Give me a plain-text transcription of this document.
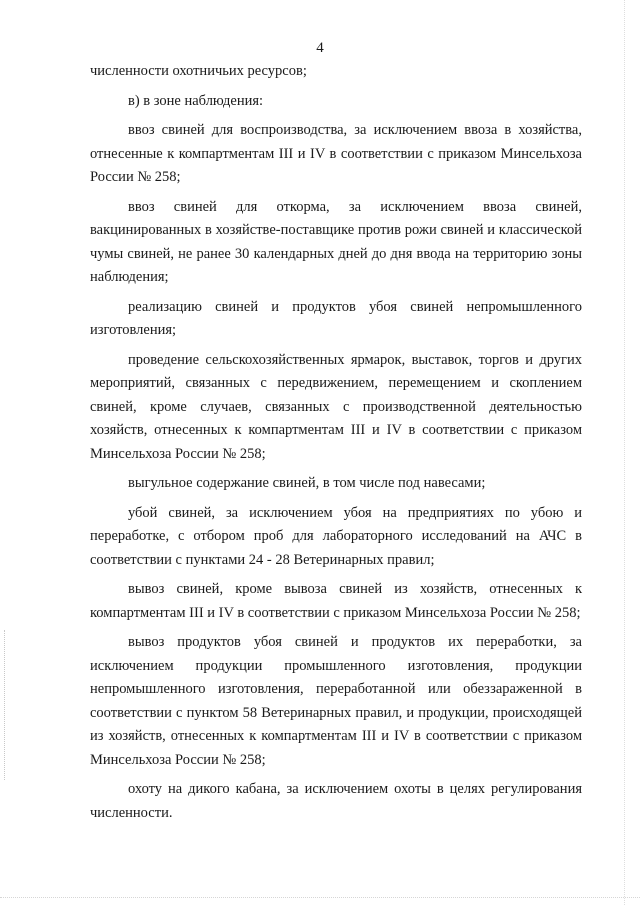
4

численности охотничьих ресурсов;

в) в зоне наблюдения:

ввоз свиней для воспроизводства, за исключением ввоза в хозяйства, отнесенные к компартментам III и IV в соответствии с приказом Минсельхоза России № 258;

ввоз свиней для откорма, за исключением ввоза свиней, вакцинированных в хозяйстве-поставщике против рожи свиней и классической чумы свиней, не ранее 30 календарных дней до дня ввода на территорию зоны наблюдения;

реализацию свиней и продуктов убоя свиней непромышленного изготовления;

проведение сельскохозяйственных ярмарок, выставок, торгов и других мероприятий, связанных с передвижением, перемещением и скоплением свиней, кроме случаев, связанных с производственной деятельностью хозяйств, отнесенных к компартментам III и IV в соответствии с приказом Минсельхоза России № 258;

выгульное содержание свиней, в том числе под навесами;

убой свиней, за исключением убоя на предприятиях по убою и переработке, с отбором проб для лабораторного исследований на АЧС в соответствии с пунктами 24 - 28 Ветеринарных правил;

вывоз свиней, кроме вывоза свиней из хозяйств, отнесенных к компартментам III и IV в соответствии с приказом Минсельхоза России № 258;

вывоз продуктов убоя свиней и продуктов их переработки, за исключением продукции промышленного изготовления, продукции непромышленного изготовления, переработанной или обеззараженной в соответствии с пунктом 58 Ветеринарных правил, и продукции, происходящей из хозяйств, отнесенных к компартментам III и IV в соответствии с приказом Минсельхоза России № 258;

охоту на дикого кабана, за исключением охоты в целях регулирования численности.
